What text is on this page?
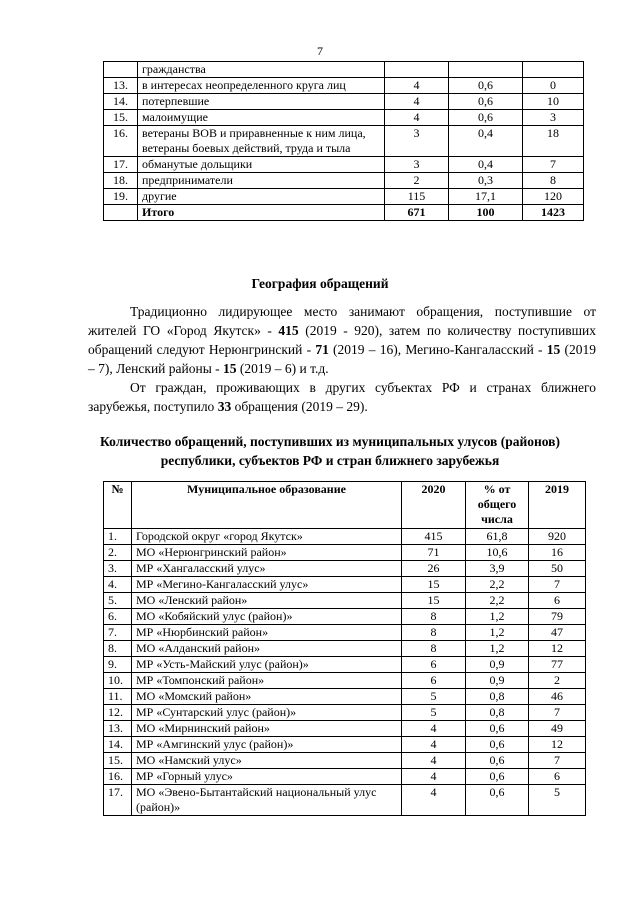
7
	гражданства			
13.	в интересах неопределенного круга лиц	4	0,6	0
14.	потерпевшие	4	0,6	10
15.	малоимущие	4	0,6	3
16.	ветераны ВОВ и приравненные к ним лица, ветераны боевых действий, труда и тыла	3	0,4	18
17.	обманутые дольщики	3	0,4	7
18.	предприниматели	2	0,3	8
19.	другие	115	17,1	120
	Итого	671	100	1423
География обращений

Традиционно лидирующее место занимают обращения, поступившие от жителей ГО «Город Якутск» - 415 (2019 - 920), затем по количеству поступивших обращений следуют Нерюнгринский - 71 (2019 – 16), Мегино-Кангаласский - 15 (2019 – 7), Ленский районы - 15 (2019 – 6) и т.д.

От граждан, проживающих в других субъектах РФ и странах ближнего зарубежья, поступило 33 обращения (2019 – 29).

Количество обращений, поступивших из муниципальных улусов (районов) республики, субъектов РФ и стран ближнего зарубежья
№	Муниципальное образование	2020	% от общего числа	2019
1.	Городской округ «город Якутск»	415	61,8	920
2.	МО «Нерюнгринский район»	71	10,6	16
3.	МР «Хангаласский улус»	26	3,9	50
4.	МР «Мегино-Кангаласский улус»	15	2,2	7
5.	МО «Ленский район»	15	2,2	6
6.	МО «Кобяйский улус (район)»	8	1,2	79
7.	МР «Нюрбинский район»	8	1,2	47
8.	МО «Алданский район»	8	1,2	12
9.	МР «Усть-Майский улус (район)»	6	0,9	77
10.	МР «Томпонский район»	6	0,9	2
11.	МО «Момский район»	5	0,8	46
12.	МР «Сунтарский улус (район)»	5	0,8	7
13.	МО «Мирнинский район»	4	0,6	49
14.	МР «Амгинский улус (район)»	4	0,6	12
15.	МО «Намский улус»	4	0,6	7
16.	МР «Горный улус»	4	0,6	6
17.	МО «Эвено-Бытантайский национальный улус (район)»	4	0,6	5
